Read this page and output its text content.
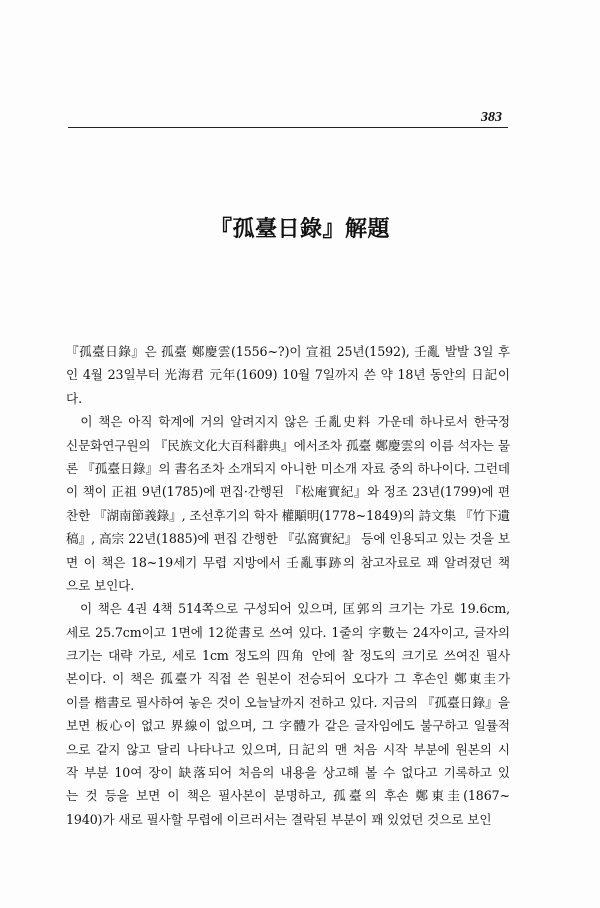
383
『孤臺日錄』解題
『孤臺日錄』은 孤臺 鄭慶雲(1556~?)이 宣祖 25년(1592), 壬亂 발발 3일 후
인 4월 23일부터 光海君 元年(1609) 10월 7일까지 쓴 약 18년 동안의 日記이
다.
　이 책은 아직 학계에 거의 알려지지 않은 壬亂史料 가운데 하나로서 한국정
신문화연구원의 『民族文化大百科辭典』에서조차 孤臺 鄭慶雲의 이름 석자는 물
론 『孤臺日錄』의 書名조차 소개되지 아니한 미소개 자료 중의 하나이다. 그런데
이 책이 正祖 9년(1785)에 편집·간행된 『松庵實紀』와 정조 23년(1799)에 편
찬한 『湖南節義錄』, 조선후기의 학자 權顒明(1778~1849)의 詩文集 『竹下遺
稿』, 高宗 22년(1885)에 편집 간행한 『弘窩實紀』 등에 인용되고 있는 것을 보
면 이 책은 18~19세기 무렵 지방에서 壬亂事跡의 참고자료로 꽤 알려졌던 책
으로 보인다.
　이 책은 4권 4책 514쪽으로 구성되어 있으며, 匡郭의 크기는 가로 19.6cm,
세로 25.7cm이고 1면에 12從書로 쓰여 있다. 1줄의 字數는 24자이고, 글자의
크기는 대략 가로, 세로 1cm 정도의 四角 안에 찰 정도의 크기로 쓰여진 필사
본이다. 이 책은 孤臺가 직접 쓴 원본이 전승되어 오다가 그 후손인 鄭東圭가
이를 楷書로 필사하여 놓은 것이 오늘날까지 전하고 있다. 지금의 『孤臺日錄』을
보면 板心이 없고 界線이 없으며, 그 字體가 같은 글자임에도 불구하고 일률적
으로 같지 않고 달리 나타나고 있으며, 日記의 맨 처음 시작 부분에 원본의 시
작 부분 10여 장이 缺落되어 처음의 내용을 상고해 볼 수 없다고 기록하고 있
는 것 등을 보면 이 책은 필사본이 분명하고, 孤臺의 후손 鄭東圭(1867~
1940)가 새로 필사할 무렵에 이르러서는 결락된 부분이 꽤 있었던 것으로 보인
